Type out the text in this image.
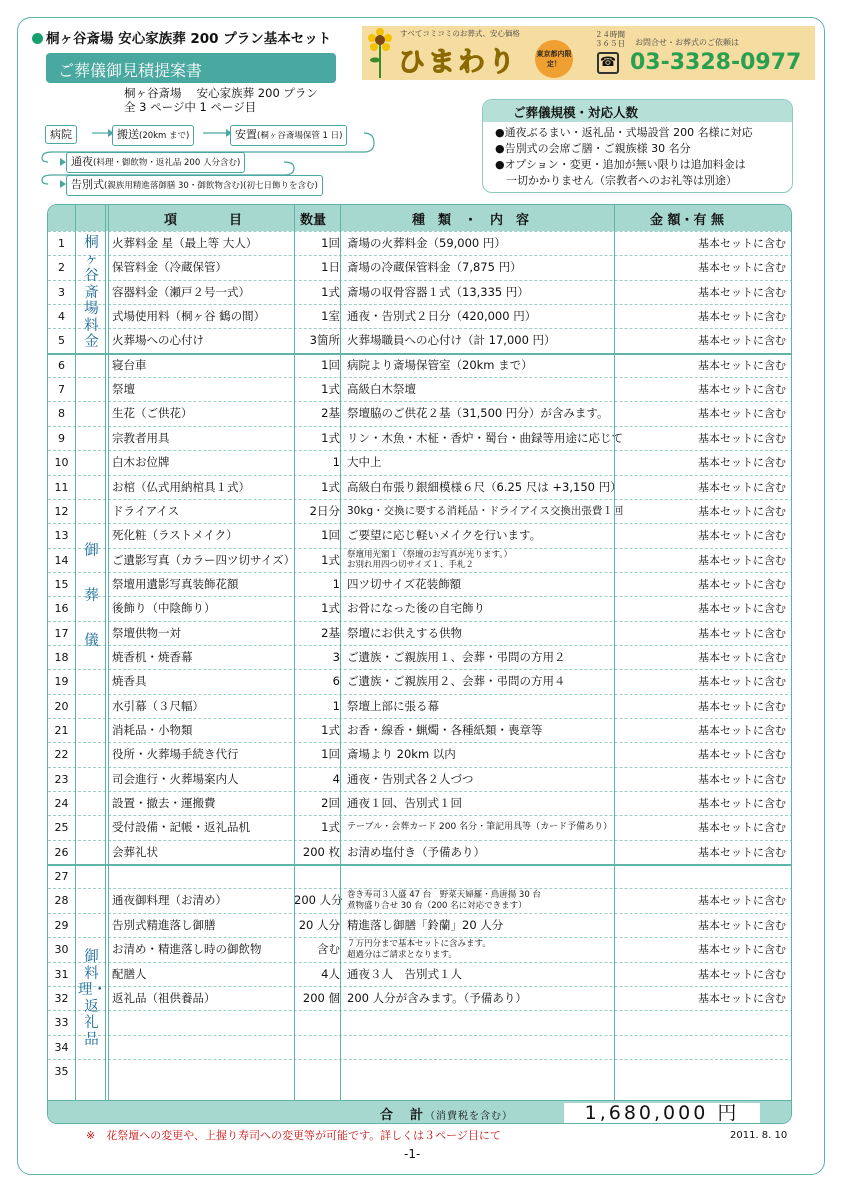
桐ヶ谷斎場 安心家族葬 200 プラン基本セット
ご葬儀御見積提案書
桐ヶ谷斎場　 安心家族葬 200 プラン
全 3 ページ中 1 ページ目
すべてコミコミのお葬式、安心価格
ひまわり	東京都内限定！
２４時間
３６５日
☎
お問合せ・お葬式のご依頼は
03-3328-0977
病院	搬送(20km まで)	安置(桐ヶ谷斎場保管 1 日)
通夜(料理・御飲物・返礼品 200 人分含む)
告別式(親族用精進落御膳 30・御飲物含む)(初七日飾りを含む)
ご葬儀規模・対応人数
●通夜ぶるまい・返礼品・式場設営 200 名様に対応
●告別式の会席ご膳・ご親族様 30 名分
●オプション・変更・追加が無い限りは追加料金は
　一切かかりません（宗教者へのお礼等は別途）
項　　　　目	数量	種　類　・　内　容	金 額・有 無
1	火葬料金 星（最上等 大人）	1回 斎場の火葬料金（59,000 円）	基本セットに含む
2	保管料金（冷蔵保管）	1日 斎場の冷蔵保管料金（7,875 円）	基本セットに含む
3	容器料金（瀬戸２号一式）	1式 斎場の収骨容器１式（13,335 円）	基本セットに含む
4	式場使用料（桐ヶ谷 鶴の間）	1室 通夜・告別式２日分（420,000 円）	基本セットに含む
5	火葬場への心付け	3箇所 火葬場職員への心付け（計 17,000 円）	基本セットに含む
6	寝台車	1回 病院より斎場保管室（20km まで）	基本セットに含む
7	祭壇	1式 高級白木祭壇	基本セットに含む
8	生花（ご供花）	2基 祭壇脇のご供花２基（31,500 円分）が含みます。	基本セットに含む
9	宗教者用具	1式 リン・木魚・木柾・香炉・蜀台・曲録等用途に応じて	基本セットに含む
10	白木お位牌	1 大中上	基本セットに含む
11	お棺（仏式用納棺具１式）	1式 高級白布張り銀細模様６尺（6.25 尺は +3,150 円）	基本セットに含む
12	ドライアイス	2日分 30kg・交換に要する消耗品・ドライアイス交換出張費１回	基本セットに含む
13	死化粧（ラストメイク）	1回 ご要望に応じ軽いメイクを行います。	基本セットに含む
14	ご遺影写真（カラー四ツ切サイズ）	1式 祭壇用光額１（祭壇のお写真が光ります。）
お別れ用四つ切サイズ１、手札２	基本セットに含む
15	祭壇用遺影写真装飾花額	1 四ツ切サイズ花装飾額	基本セットに含む
16	後飾り（中陰飾り）	1式 お骨になった後の自宅飾り	基本セットに含む
17	祭壇供物一対	2基 祭壇にお供えする供物	基本セットに含む
18	焼香机・焼香幕	3 ご遺族・ご親族用１、会葬・弔問の方用２	基本セットに含む
19	焼香具	6 ご遺族・ご親族用２、会葬・弔問の方用４	基本セットに含む
20	水引幕（３尺幅）	1 祭壇上部に張る幕	基本セットに含む
21	消耗品・小物類	1式 お香・線香・蝋燭・各種紙類・喪章等	基本セットに含む
22	役所・火葬場手続き代行	1回 斎場より 20km 以内	基本セットに含む
23	司会進行・火葬場案内人	4 通夜・告別式各２人づつ	基本セットに含む
24	設置・撤去・運搬費	2回 通夜１回、告別式１回	基本セットに含む
25	受付設備・記帳・返礼品机	1式 テーブル・会葬カード 200 名分・筆記用具等（カード予備あり）	基本セットに含む
26	会葬礼状	200 枚 お清め塩付き（予備あり）	基本セットに含む
27
28	通夜御料理（お清め）	200 人分 巻き寿司３人盛 47 台　野菜天婦羅・鳥唐揚 30 台
煮物盛り合せ 30 台（200 名に対応できます）	基本セットに含む
29	告別式精進落し御膳	20 人分 精進落し御膳「鈴蘭」20 人分	基本セットに含む
30	お清め・精進落し時の御飲物	含む ７万円分まで基本セットに含みます。
超過分はご請求となります。	基本セットに含む
31	配膳人	4人 通夜３人　告別式１人	基本セットに含む
32	返礼品（祖供養品）	200 個 200 人分が含みます。（予備あり）	基本セットに含む
33
34
35
桐ヶ谷斎場料金
御葬儀
御料理・返礼品
合　計（消費税を含む）	1,680,000 円
※　花祭壇への変更や、上握り寿司への変更等が可能です。詳しくは３ページ目にて	2011. 8. 10
-1-
